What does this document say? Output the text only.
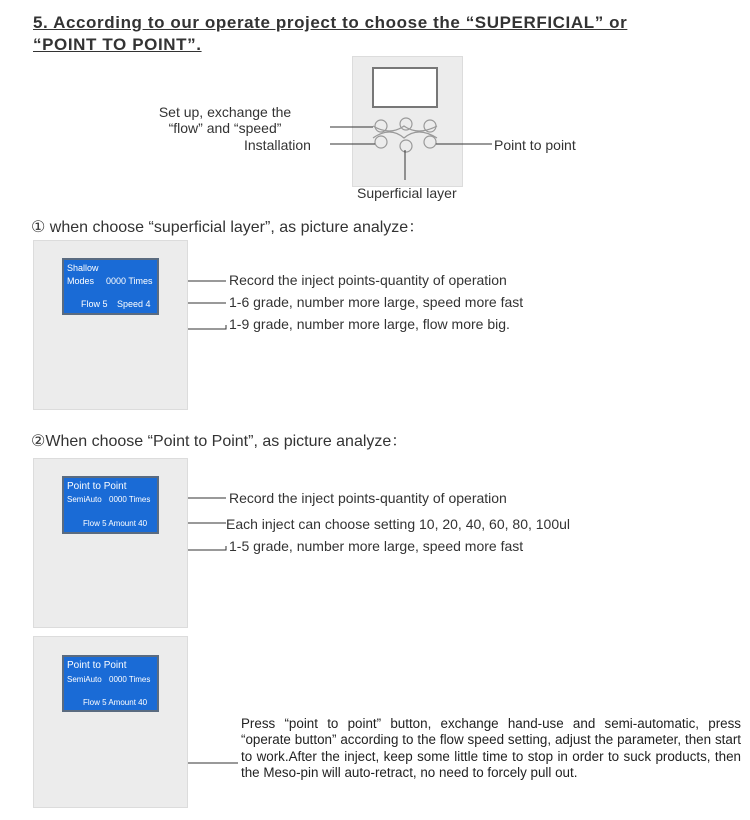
5. According to our operate project to choose the “SUPERFICIAL” or
“POINT TO POINT”.
Set up, exchange the
“flow” and “speed”
Installation	Point to point
Superficial layer
① when choose “superficial layer”, as picture analyze：
Shallow
Modes 0000 Times
Flow 5 Speed 4
Record the inject points-quantity of operation
1-6 grade, number more large, speed more fast
1-9 grade, number more large, flow more big.
②When choose “Point to Point”, as picture analyze：
Point to Point
SemiAuto 0000 Times
Flow 5 Amount 40
Record the inject points-quantity of operation
Each inject can choose setting 10, 20, 40, 60, 80, 100ul
1-5 grade, number more large, speed more fast
Point to Point
SemiAuto 0000 Times
Flow 5 Amount 40
Press “point to point” button, exchange hand-use and semi-automatic, press “operate button” according to the flow speed setting, adjust the parameter, then start to work.After the inject, keep some little time to stop in order to suck products, then the Meso-pin will auto-retract, no need to forcely pull out.
